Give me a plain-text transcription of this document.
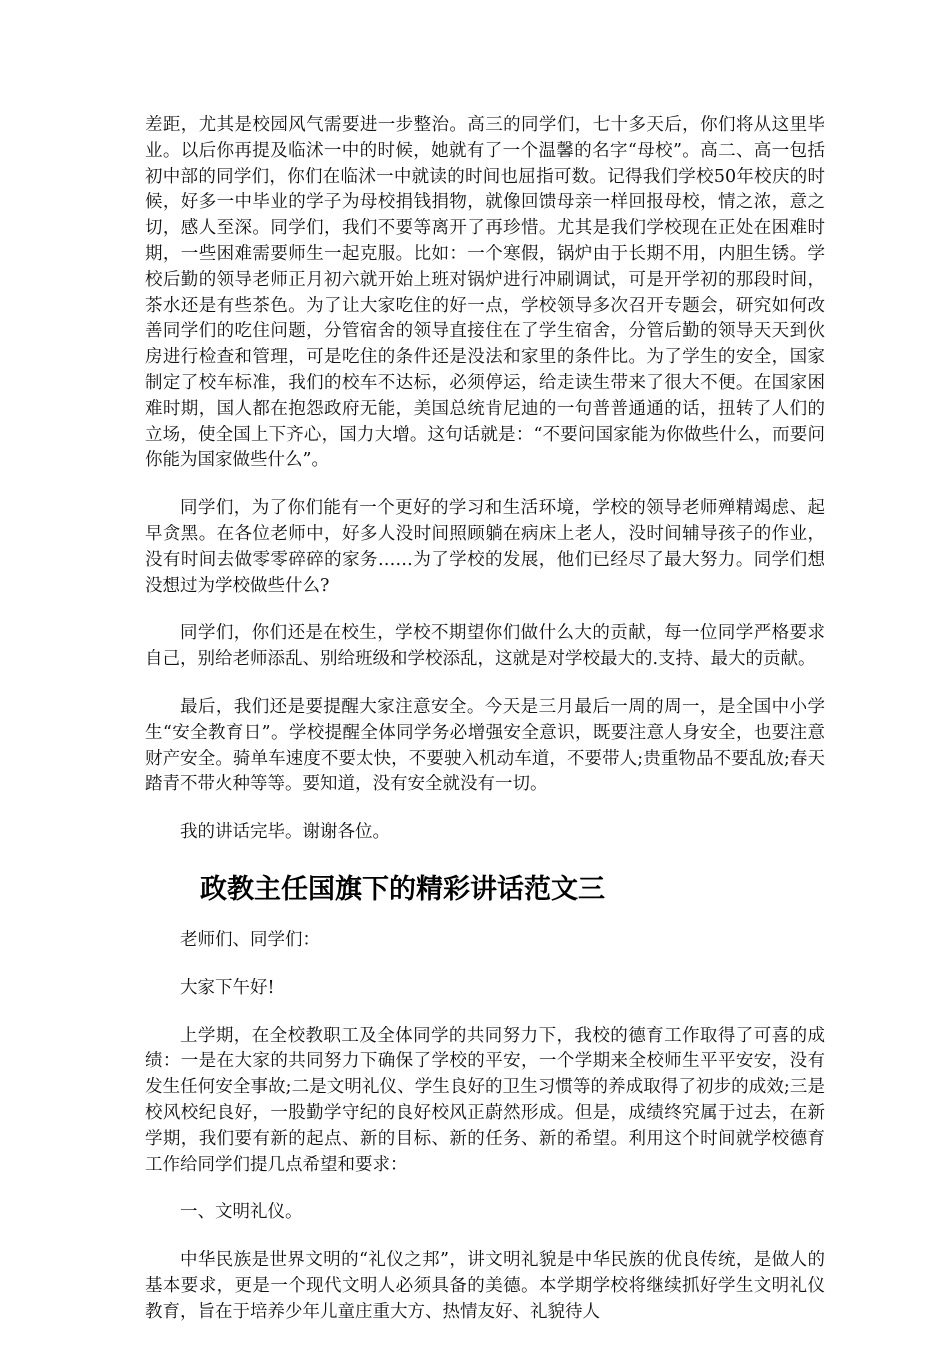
差距，尤其是校园风气需要进一步整治。高三的同学们，七十多天后，你们将从这里毕业。以后你再提及临沭一中的时候，她就有了一个温馨的名字“母校”。高二、高一包括初中部的同学们，你们在临沭一中就读的时间也屈指可数。记得我们学校50年校庆的时候，好多一中毕业的学子为母校捐钱捐物，就像回馈母亲一样回报母校，情之浓，意之切，感人至深。同学们，我们不要等离开了再珍惜。尤其是我们学校现在正处在困难时期，一些困难需要师生一起克服。比如：一个寒假，锅炉由于长期不用，内胆生锈。学校后勤的领导老师正月初六就开始上班对锅炉进行冲刷调试，可是开学初的那段时间，茶水还是有些茶色。为了让大家吃住的好一点，学校领导多次召开专题会，研究如何改善同学们的吃住问题，分管宿舍的领导直接住在了学生宿舍，分管后勤的领导天天到伙房进行检查和管理，可是吃住的条件还是没法和家里的条件比。为了学生的安全，国家制定了校车标准，我们的校车不达标，必须停运，给走读生带来了很大不便。在国家困难时期，国人都在抱怨政府无能，美国总统肯尼迪的一句普普通通的话，扭转了人们的立场，使全国上下齐心，国力大增。这句话就是：“不要问国家能为你做些什么，而要问你能为国家做些什么”。

同学们，为了你们能有一个更好的学习和生活环境，学校的领导老师殚精竭虑、起早贪黑。在各位老师中，好多人没时间照顾躺在病床上老人，没时间辅导孩子的作业，没有时间去做零零碎碎的家务……为了学校的发展，他们已经尽了最大努力。同学们想没想过为学校做些什么?

同学们，你们还是在校生，学校不期望你们做什么大的贡献，每一位同学严格要求自己，别给老师添乱、别给班级和学校添乱，这就是对学校最大的.支持、最大的贡献。

最后，我们还是要提醒大家注意安全。今天是三月最后一周的周一，是全国中小学生“安全教育日”。学校提醒全体同学务必增强安全意识，既要注意人身安全，也要注意财产安全。骑单车速度不要太快，不要驶入机动车道，不要带人;贵重物品不要乱放;春天踏青不带火种等等。要知道，没有安全就没有一切。

我的讲话完毕。谢谢各位。

政教主任国旗下的精彩讲话范文三

老师们、同学们：

大家下午好!

上学期，在全校教职工及全体同学的共同努力下，我校的德育工作取得了可喜的成绩：一是在大家的共同努力下确保了学校的平安，一个学期来全校师生平平安安，没有发生任何安全事故;二是文明礼仪、学生良好的卫生习惯等的养成取得了初步的成效;三是校风校纪良好，一股勤学守纪的良好校风正蔚然形成。但是，成绩终究属于过去，在新学期，我们要有新的起点、新的目标、新的任务、新的希望。利用这个时间就学校德育工作给同学们提几点希望和要求：

一、文明礼仪。

中华民族是世界文明的“礼仪之邦”，讲文明礼貌是中华民族的优良传统，是做人的基本要求，更是一个现代文明人必须具备的美德。本学期学校将继续抓好学生文明礼仪教育，旨在于培养少年儿童庄重大方、热情友好、礼貌待人
